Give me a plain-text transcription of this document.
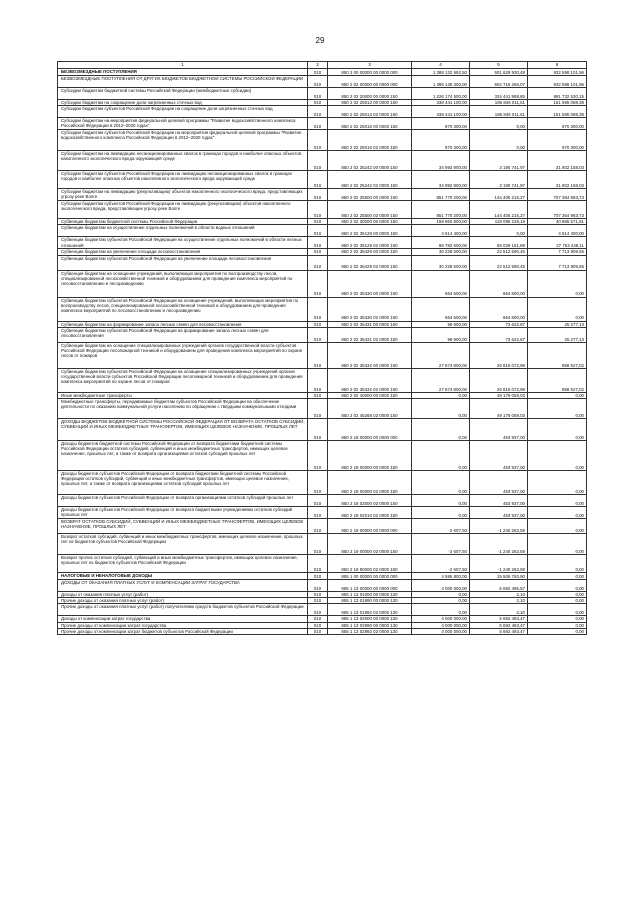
29
1	2	3	4	5	6
БЕЗВОЗМЕЗДНЫЕ ПОСТУПЛЕНИЯ	010	850 2 00 00000 00 0000 000	1 388 132 692,50	501 629 930,48	932 598 101,96
БЕЗВОЗМЕЗДНЫЕ ПОСТУПЛЕНИЯ ОТ ДРУГИХ БЮДЖЕТОВ БЮДЖЕТНОЙ СИСТЕМЫ РОССИЙСКОЙ ФЕДЕРАЦИИ	010	850 2 02 00000 00 0000 000	1 386 135 300,00	502 715 256,07	932 598 101,96
Субсидии бюджетам бюджетной системы Российской Федерации (межбюджетные субсидии)	010	850 2 02 20000 00 0000 150	1 226 174 500,00	334 441 998,85	891 732 530,15
Субсидии бюджетам на сокращение доли загрязненных сточных вод	010	850 2 02 25013 00 0000 150	338 441 100,00	186 846 011,61	151 595 088,39
Субсидии бюджетам субъектов Российской Федерации на сокращение доли загрязненных сточных вод	010	850 2 02 25013 02 0000 150	338 441 100,00	186 846 011,61	151 595 088,39
Субсидии бюджетам на мероприятия федеральной целевой программы "Развитие водохозяйственного комплекса Российской Федерации в 2012–2020 годах"	010	850 2 02 25016 00 0000 150	970 300,00	0,00	970 300,00
Субсидии бюджетам субъектов Российской Федерации на мероприятия федеральной целевой программы "Развитие водохозяйственного комплекса Российской Федерации в 2012–2020 годах"	010	850 2 02 25016 02 0000 150	970 300,00	0,00	970 300,00
Субсидии бюджетам на ликвидацию несанкционированных свалок в границах городов и наиболее опасных объектов накопленного экологического вреда окружающей среде	010	850 2 02 25242 00 0000 150	34 992 900,00	3 190 741,97	31 802 158,03
Субсидии бюджетам субъектов Российской Федерации на ликвидацию несанкционированных свалок в границах городов и наиболее опасных объектов накопленного экологического вреда окружающей среде	010	850 2 02 25242 02 0000 150	34 992 900,00	3 190 741,97	31 802 158,03
Субсидии бюджетам на ликвидацию (рекультивацию) объектов накопленного экологического вреда, представляющих угрозу реке Волге	010	850 2 02 25500 00 0000 150	851 770 200,00	144 405 216,27	707 364 983,73
Субсидии бюджетам субъектов Российской Федерации на ликвидацию (рекультивацию) объектов накопленного экологического вреда, представляющих угрозу реке Волге	010	850 2 02 25500 02 0000 150	851 770 200,00	144 405 216,27	707 364 983,73
Субвенции бюджетам бюджетной системы Российской Федерации	010	850 2 02 30000 00 0000 150	159 960 800,00	119 095 228,19	40 865 571,81
Субвенции бюджетам на осуществление отдельных полномочий в области водных отношений	010	850 2 02 35128 00 0000 150	4 514 400,00	0,00	4 514 400,00
Субвенции бюджетам субъектов Российской Федерации на осуществление отдельных полномочий в области лесных отношений	010	850 2 02 35129 02 0000 150	96 782 600,00	69 029 151,89	27 753 448,11
Субвенции бюджетам на увеличение площади лесовосстановления	010	850 2 02 35429 00 0000 150	30 228 500,00	22 512 590,45	7 713 909,55
Субвенции бюджетам субъектов Российской Федерации на увеличение площади лесовосстановления	010	850 2 02 35429 02 0000 150	30 228 500,00	22 512 590,45	7 713 909,55
Субвенции бюджетам на оснащение учреждений, выполняющих мероприятия по воспроизводству лесов, специализированной лесохозяйственной техникой и оборудованием для проведения комплекса мероприятий по лесовосстановлению и лесоразведению	010	850 2 02 35430 00 0000 150	664 600,00	664 600,00	0,00
Субвенции бюджетам субъектов Российской Федерации на оснащение учреждений, выполняющих мероприятия по воспроизводству лесов, специализированной лесохозяйственной техникой и оборудованием для проведения комплекса мероприятий по лесовосстановлению и лесоразведению	010	850 2 02 35430 02 0000 150	664 600,00	664 600,00	0,00
Субвенции бюджетам на формирование запаса лесных семян для лесовосстановления	010	850 2 02 35431 00 0000 150	98 900,00	73 622,87	25 277,13
Субвенции бюджетам субъектов Российской Федерации на формирование запаса лесных семян для лесовосстановления	010	850 2 02 35431 02 0000 150	98 900,00	73 622,87	25 277,13
Субвенции бюджетам на оснащение специализированных учреждений органов государственной власти субъектов Российской Федерации лесопожарной техникой и оборудованием для проведения комплекса мероприятий по охране лесов от пожаров	010	850 2 02 35432 00 0000 150	27 673 800,00	26 815 072,98	858 527,02
Субвенции бюджетам субъектов Российской Федерации на оснащение специализированных учреждений органов государственной власти субъектов Российской Федерации лесопожарной техникой и оборудованием для проведения комплекса мероприятий по охране лесов от пожаров	010	850 2 02 35432 02 0000 150	27 673 800,00	26 815 072,98	858 527,02
Иные межбюджетные трансферты	010	850 2 02 40000 00 0000 150	0,00	49 179 059,03	0,00
Межбюджетные трансферты, передаваемые бюджетам субъектов Российской Федерации на обеспечение деятельности по оказанию коммунальной услуги населению по обращению с твердыми коммунальными отходами	010	850 2 02 45268 02 0000 150	0,00	49 179 059,03	0,00
ДОХОДЫ БЮДЖЕТОВ БЮДЖЕТНОЙ СИСТЕМЫ РОССИЙСКОЙ ФЕДЕРАЦИИ ОТ ВОЗВРАТА ОСТАТКОВ СУБСИДИЙ, СУБВЕНЦИЙ И ИНЫХ МЕЖБЮДЖЕТНЫХ ТРАНСФЕРТОВ, ИМЕЮЩИХ ЦЕЛЕВОЕ НАЗНАЧЕНИЕ, ПРОШЛЫХ ЛЕТ	010	850 2 18 00000 00 0000 000	0,00	453 937,00	0,00
Доходы бюджетов бюджетной системы Российской Федерации от возврата бюджетами бюджетной системы Российской Федерации остатков субсидий, субвенций и иных межбюджетных трансфертов, имеющих целевое назначение, прошлых лет, а также от возврата организациями остатков субсидий прошлых лет	010	850 2 18 00000 00 0000 150	0,00	453 937,00	0,00
Доходы бюджетов субъектов Российской Федерации от возврата бюджетами бюджетной системы Российской Федерации остатков субсидий, субвенций и иных межбюджетных трансфертов, имеющих целевое назначение, прошлых лет, а также от возврата организациями остатков субсидий прошлых лет	010	850 2 18 00000 02 0000 150	0,00	453 937,00	0,00
Доходы бюджетов субъектов Российской Федерации от возврата организациями остатков субсидий прошлых лет	010	850 2 18 02000 02 0000 150	0,00	453 937,00	0,00
Доходы бюджетов субъектов Российской Федерации от возврата бюджетными учреждениями остатков субсидий прошлых лет	010	850 2 18 02010 02 0000 150	0,00	453 937,00	0,00
ВОЗВРАТ ОСТАТКОВ СУБСИДИЙ, СУБВЕНЦИЙ И ИНЫХ МЕЖБЮДЖЕТНЫХ ТРАНСФЕРТОВ, ИМЕЮЩИХ ЦЕЛЕВОЕ НАЗНАЧЕНИЕ, ПРОШЛЫХ ЛЕТ	010	850 2 19 00000 00 0000 000	-2 607,50	-1 240 262,59	0,00
Возврат остатков субсидий, субвенций и иных межбюджетных трансфертов, имеющих целевое назначение, прошлых лет из бюджетов субъектов Российской Федерации	010	850 2 19 00000 02 0000 150	-2 607,50	-1 240 262,59	0,00
Возврат прочих остатков субсидий, субвенций и иных межбюджетных трансфертов, имеющих целевое назначение, прошлых лет из бюджетов субъектов Российской Федерации	010	850 2 19 90000 02 0000 150	-2 607,50	-1 240 262,59	0,00
НАЛОГОВЫЕ И НЕНАЛОГОВЫЕ ДОХОДЫ	010	855 1 00 00000 00 0000 000	4 595 800,00	15 506 763,90	0,00
ДОХОДЫ ОТ ОКАЗАНИЯ ПЛАТНЫХ УСЛУГ И КОМПЕНСАЦИИ ЗАТРАТ ГОСУДАРСТВА	010	855 1 13 00000 00 0000 000	4 000 000,00	5 692 495,57	0,00
Доходы от оказания платных услуг (работ)	010	855 1 13 01000 00 0000 130	0,00	2,10	0,00
Прочие доходы от оказания платных услуг (работ)	010	855 1 13 01990 00 0000 130	0,00	2,10	0,00
Прочие доходы от оказания платных услуг (работ) получателями средств бюджетов субъектов Российской Федерации	010	855 1 13 01992 02 0000 130	0,00	2,10	0,00
Доходы от компенсации затрат государства	010	855 1 13 02000 00 0000 130	4 000 000,00	5 692 493,47	0,00
Прочие доходы от компенсации затрат государства	010	855 1 13 02990 00 0000 130	4 000 000,00	5 692 493,47	0,00
Прочие доходы от компенсации затрат бюджетов субъектов Российской Федерации	010	855 1 13 02992 02 0000 130	4 000 000,00	5 692 493,47	0,00
